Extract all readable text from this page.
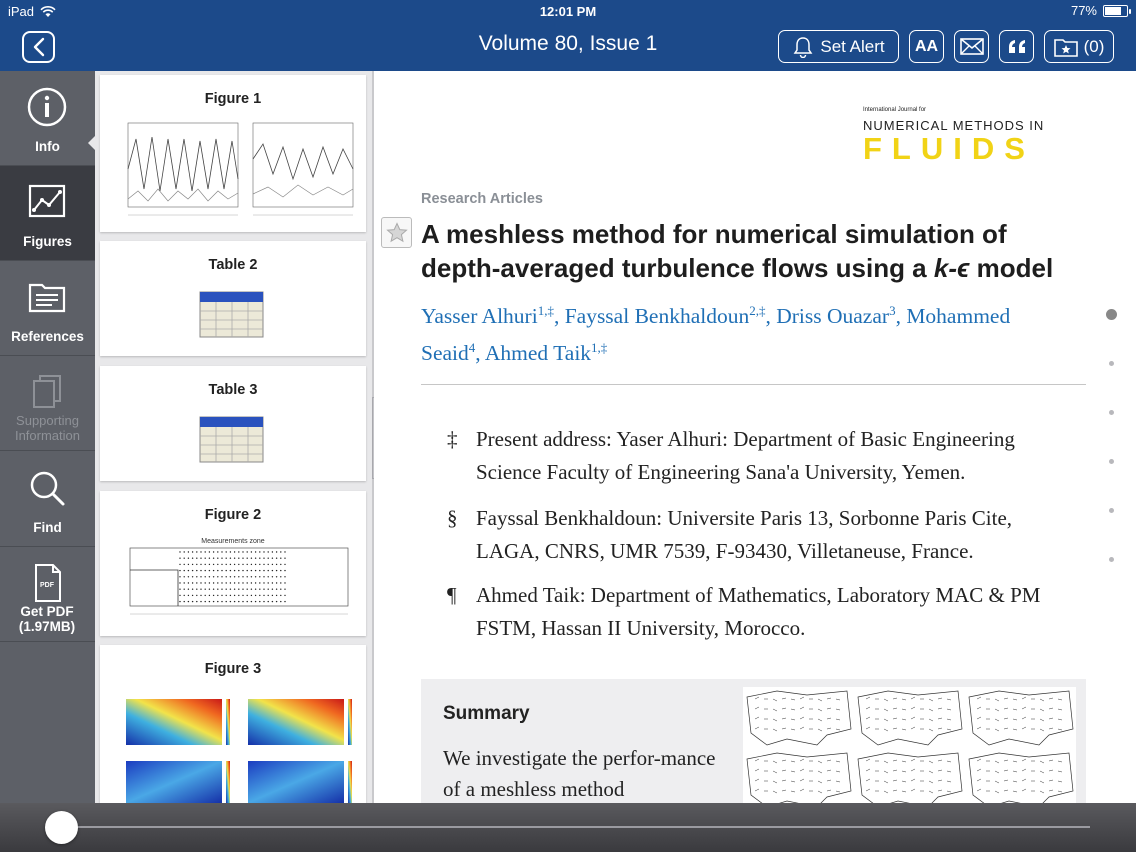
iPad	12:01 PM	77%
Volume 80, Issue 1	Set Alert AA	(0)
Info
Figures
References
Supporting Information
Find
PDF
Get PDF (1.97MB)
Figure 1
Table 2
Table 3
Figure 2
Measurements zone
Figure 3
International Journal for
NUMERICAL METHODS IN
FLUIDS
Research Articles
A meshless method for numerical simulation of depth-averaged turbulence flows using a k-ϵ model
Yasser Alhuri$^{1,\ddagger}$, Fayssal Benkhaldoun$^{2,\ddagger}$, Driss Ouazar$^3$, Mohammed Seaid$^4$, Ahmed Taik$^{1,\ddagger}$
‡ Present address: Yaser Alhuri: Department of Basic Engineering Science Faculty of Engineering Sana'a University, Yemen.
§ Fayssal Benkhaldoun: Universite Paris 13, Sorbonne Paris Cite, LAGA, CNRS, UMR 7539, F-93430, Villetaneuse, France.
¶ Ahmed Taik: Department of Mathematics, Laboratory MAC & PM FSTM, Hassan II University, Morocco.
Summary
We investigate the perfor-mance of a meshless method
